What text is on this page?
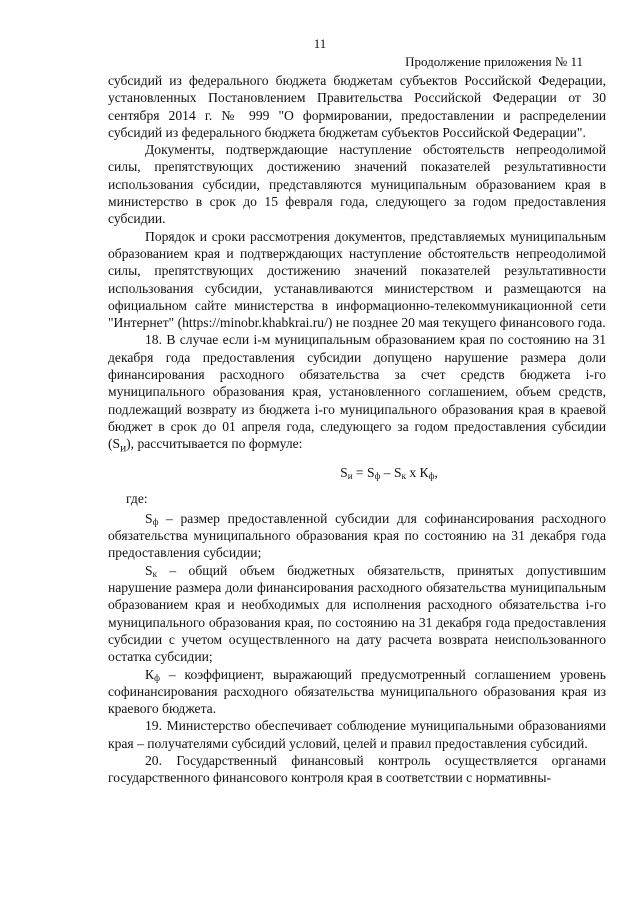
11
Продолжение приложения № 11

субсидий из федерального бюджета бюджетам субъектов Российской Федерации, установленных Постановлением Правительства Российской Федерации от 30 сентября 2014 г. № 999 "О формировании, предоставлении и распределении субсидий из федерального бюджета бюджетам субъектов Российской Федерации".

Документы, подтверждающие наступление обстоятельств непреодолимой силы, препятствующих достижению значений показателей результативности использования субсидии, представляются муниципальным образованием края в министерство в срок до 15 февраля года, следующего за годом предоставления субсидии.

Порядок и сроки рассмотрения документов, представляемых муниципальным образованием края и подтверждающих наступление обстоятельств непреодолимой силы, препятствующих достижению значений показателей результативности использования субсидии, устанавливаются министерством и размещаются на официальном сайте министерства в информационно-телекоммуникационной сети "Интернет" (https://minobr.khabkrai.ru/) не позднее 20 мая текущего финансового года.

18. В случае если i-м муниципальным образованием края по состоянию на 31 декабря года предоставления субсидии допущено нарушение размера доли финансирования расходного обязательства за счет средств бюджета i-го муниципального образования края, установленного соглашением, объем средств, подлежащий возврату из бюджета i-го муниципального образования края в краевой бюджет в срок до 01 апреля года, следующего за годом предоставления субсидии $(S_и)$, рассчитывается по формуле:

$S_и = S_ф - S_к$ х $К_ф$,

где:

$S_ф$ – размер предоставленной субсидии для софинансирования расходного обязательства муниципального образования края по состоянию на 31 декабря года предоставления субсидии;

$S_к$ – общий объем бюджетных обязательств, принятых допустившим нарушение размера доли финансирования расходного обязательства муниципальным образованием края и необходимых для исполнения расходного обязательства i-го муниципального образования края, по состоянию на 31 декабря года предоставления субсидии с учетом осуществленного на дату расчета возврата неиспользованного остатка субсидии;

$К_ф$ – коэффициент, выражающий предусмотренный соглашением уровень софинансирования расходного обязательства муниципального образования края из краевого бюджета.

19. Министерство обеспечивает соблюдение муниципальными образованиями края – получателями субсидий условий, целей и правил предоставления субсидий.

20. Государственный финансовый контроль осуществляется органами государственного финансового контроля края в соответствии с нормативны-
